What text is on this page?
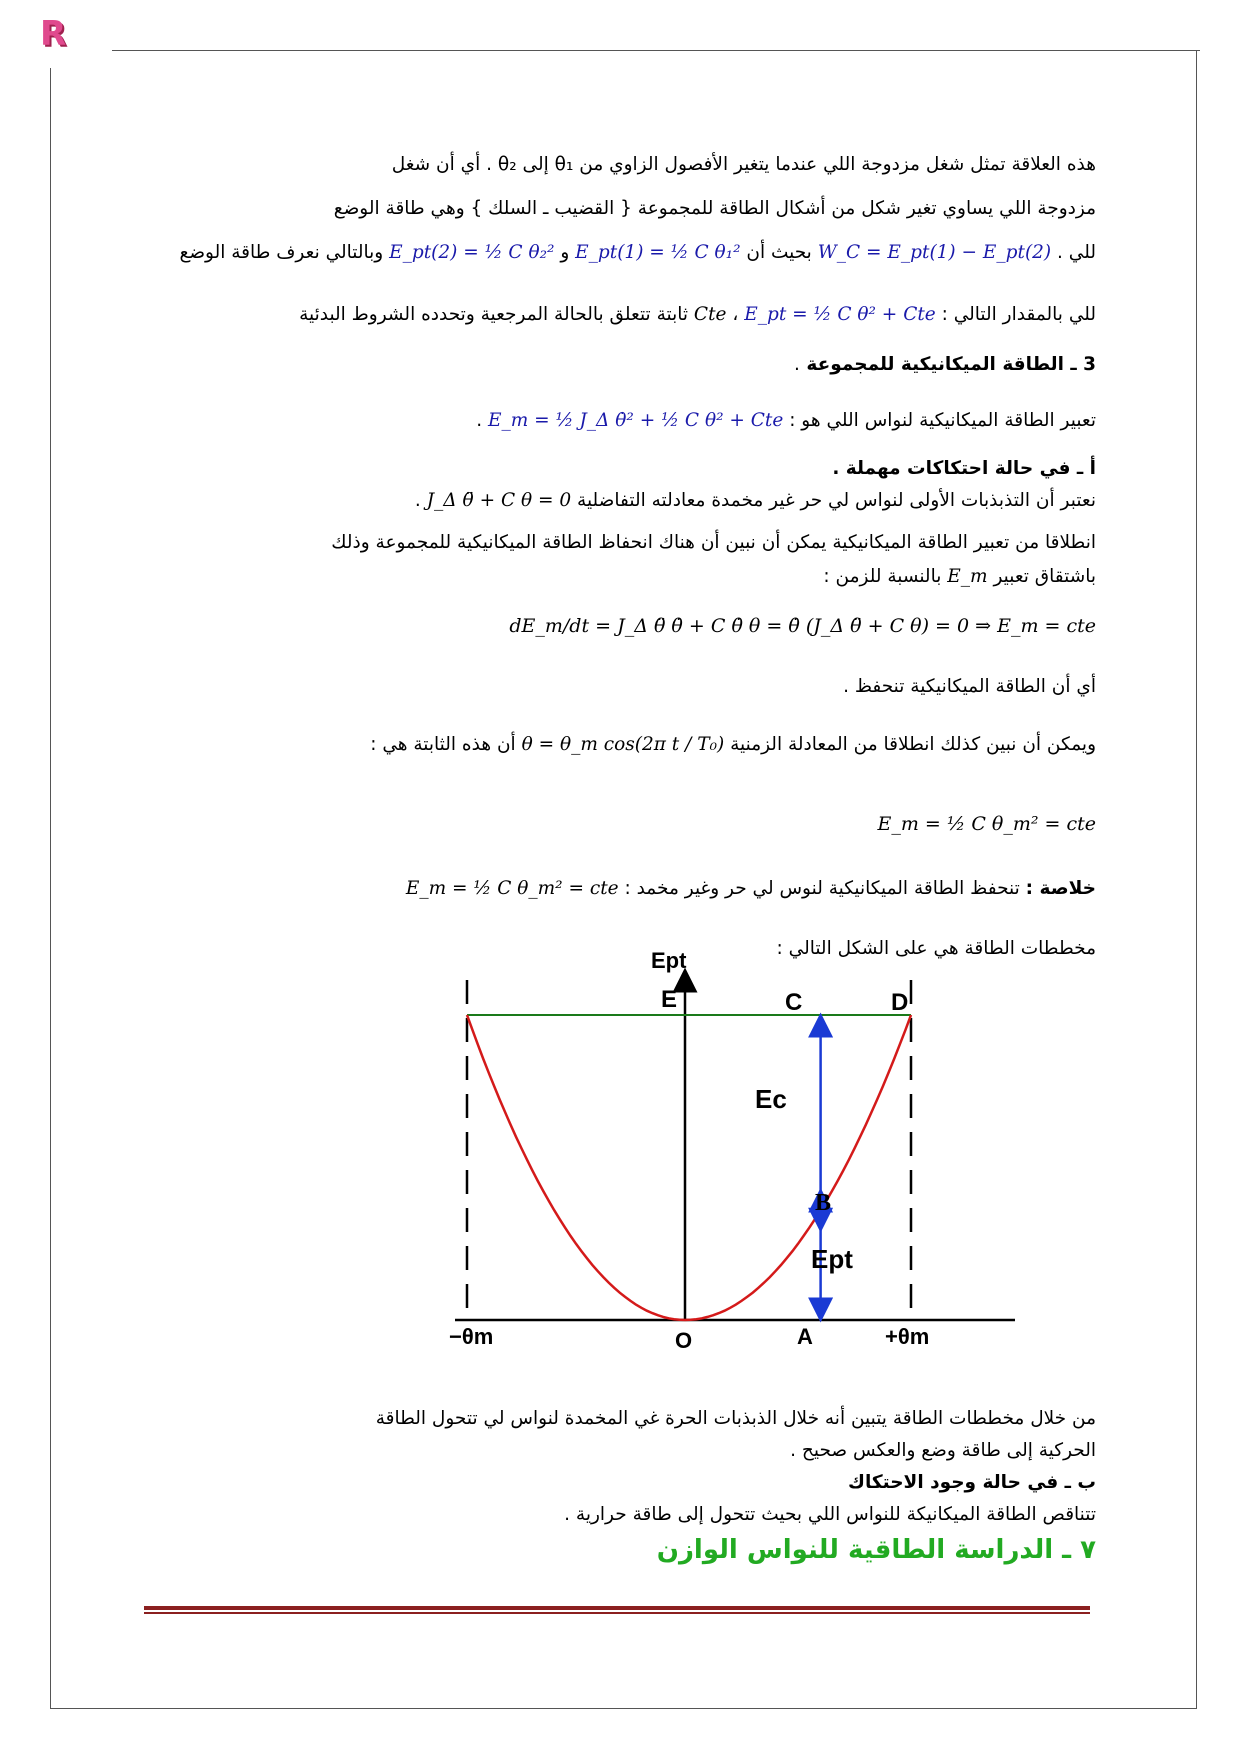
R
هذه العلاقة تمثل شغل مزدوجة اللي عندما يتغير الأفصول الزاوي من θ₁ إلى θ₂ . أي أن شغل
مزدوجة اللي يساوي تغير شكل من أشكال الطاقة للمجموعة { القضيب ـ السلك } وهي طاقة الوضع
للي . W_C = E_pt(1) − E_pt(2) بحيث أن E_pt(1) = ½ C θ₁² و E_pt(2) = ½ C θ₂² وبالتالي نعرف طاقة الوضع
للي بالمقدار التالي : E_pt = ½ C θ² + Cte ، Cte ثابتة تتعلق بالحالة المرجعية وتحدده الشروط البدئية
3 ـ الطاقة الميكانيكية للمجموعة .
تعبير الطاقة الميكانيكية لنواس اللي هو : E_m = ½ J_Δ θ̇² + ½ C θ² + Cte .
أ ـ في حالة احتكاكات مهملة .
نعتبر أن التذبذبات الأولى لنواس لي حر غير مخمدة معادلته التفاضلية J_Δ θ̈ + C θ = 0 .
انطلاقا من تعبير الطاقة الميكانيكية يمكن أن نبين أن هناك انحفاظ الطاقة الميكانيكية للمجموعة وذلك
باشتقاق تعبير E_m بالنسبة للزمن :
dE_m/dt = J_Δ θ̈ θ̇ + C θ̇ θ = θ̇ (J_Δ θ̈ + C θ) = 0 ⇒ E_m = cte
أي أن الطاقة الميكانيكية تنحفظ .
ويمكن أن نبين كذلك انطلاقا من المعادلة الزمنية θ = θ_m cos(2π t / T₀) أن هذه الثابتة هي :
E_m = ½ C θ_m² = cte
خلاصة : تنحفظ الطاقة الميكانيكية لنوس لي حر وغير مخمد : E_m = ½ C θ_m² = cte
مخططات الطاقة هي على الشكل التالي :
من خلال مخططات الطاقة يتبين أنه خلال الذبذبات الحرة غي المخمدة لنواس لي تتحول الطاقة
الحركية إلى طاقة وضع والعكس صحيح .
ب ـ في حالة وجود الاحتكاك
تتناقص الطاقة الميكانيكة للنواس اللي بحيث تتحول إلى طاقة حرارية .
٧ ـ الدراسة الطاقية للنواس الوازن
Ept
E	C	D
B
Ec
Ept
−θm	O	A	+θm
